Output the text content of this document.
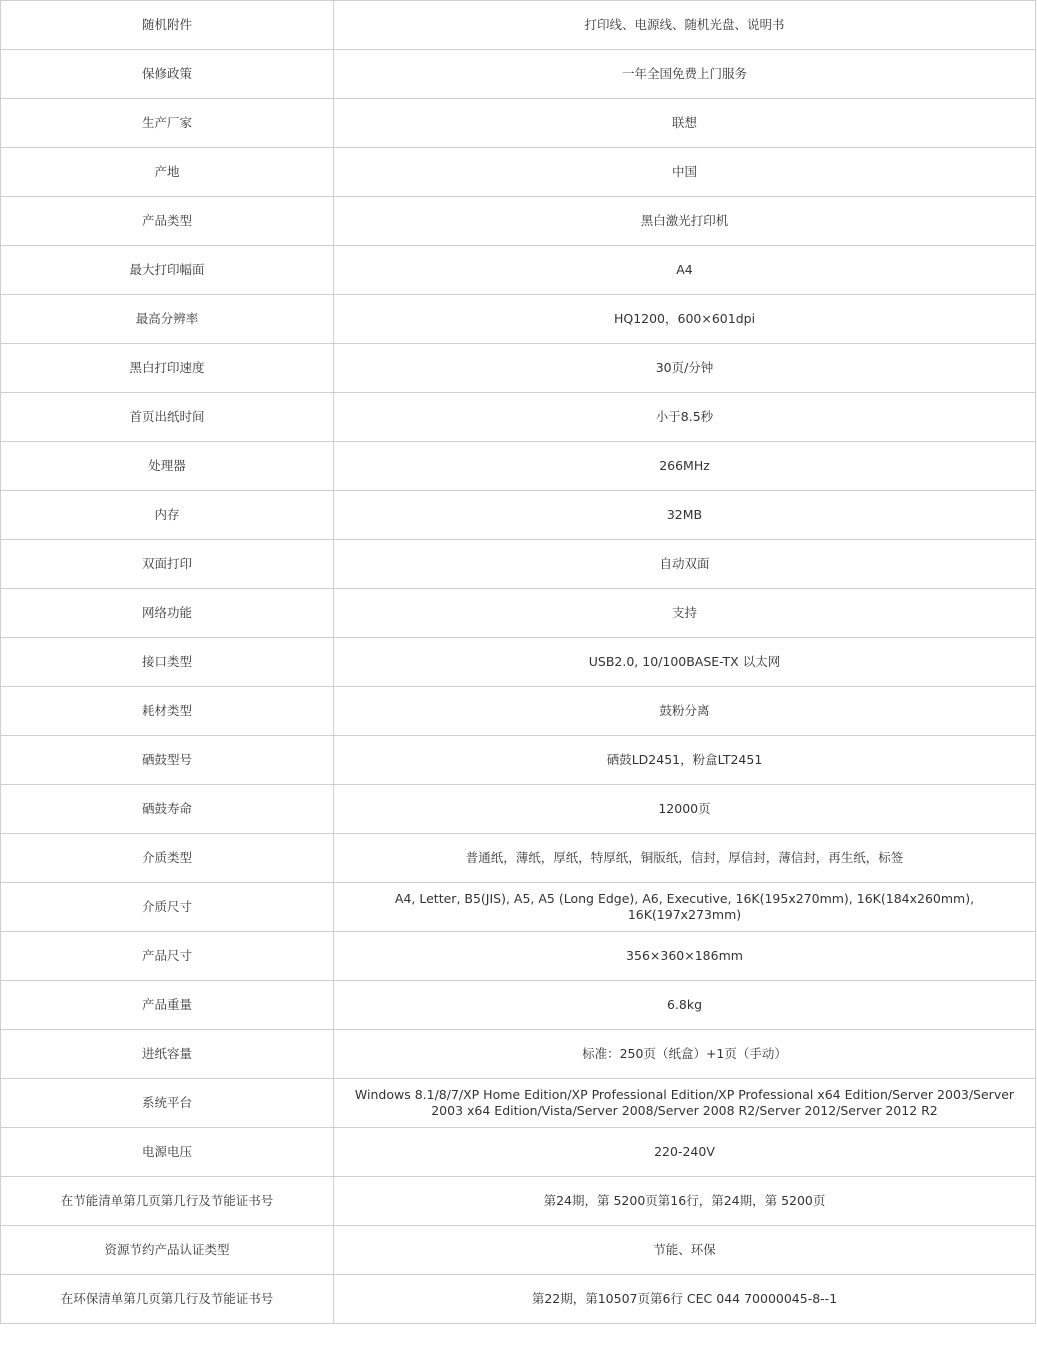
随机附件	打印线、电源线、随机光盘、说明书
保修政策	一年全国免费上门服务
生产厂家	联想
产地	中国
产品类型	黑白激光打印机
最大打印幅面	A4
最高分辨率	HQ1200，600×601dpi
黑白打印速度	30页/分钟
首页出纸时间	小于8.5秒
处理器	266MHz
内存	32MB
双面打印	自动双面
网络功能	支持
接口类型	USB2.0, 10/100BASE-TX 以太网
耗材类型	鼓粉分离
硒鼓型号	硒鼓LD2451，粉盒LT2451
硒鼓寿命	12000页
介质类型	普通纸，薄纸，厚纸，特厚纸，铜版纸，信封，厚信封，薄信封，再生纸，标签
介质尺寸	A4, Letter, B5(JIS), A5, A5 (Long Edge), A6, Executive, 16K(195x270mm), 16K(184x260mm), 16K(197x273mm)
产品尺寸	356×360×186mm
产品重量	6.8kg
进纸容量	标准：250页（纸盒）+1页（手动）
系统平台	Windows 8.1/8/7/XP Home Edition/XP Professional Edition/XP Professional x64 Edition/Server 2003/Server 2003 x64 Edition/Vista/Server 2008/Server 2008 R2/Server 2012/Server 2012 R2
电源电压	220-240V
在节能清单第几页第几行及节能证书号	第24期，第 5200页第16行，第24期，第 5200页
资源节约产品认证类型	节能、环保
在环保清单第几页第几行及节能证书号	第22期，第10507页第6行 CEC 044 70000045-8--1
